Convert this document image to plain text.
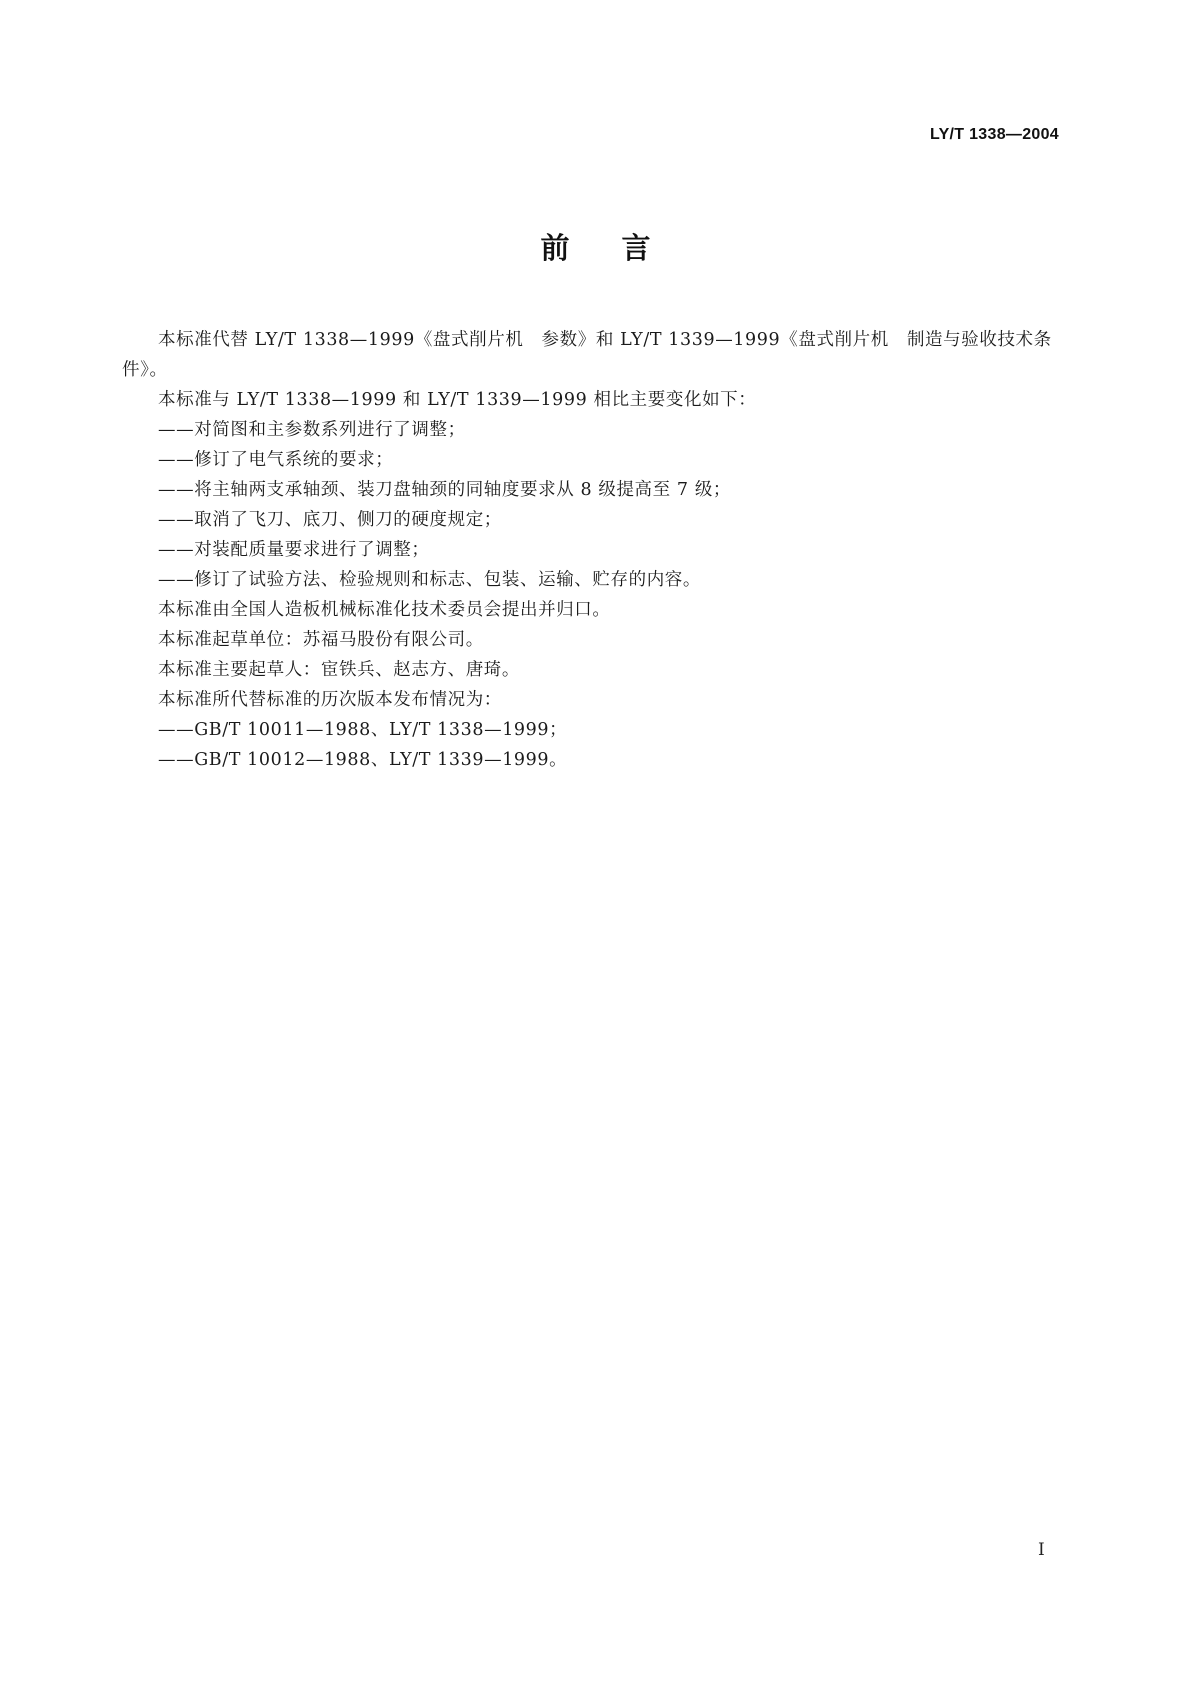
LY/T 1338—2004
前言

本标准代替 LY/T 1338—1999《盘式削片机　参数》和 LY/T 1339—1999《盘式削片机　制造与验收技术条件》。

本标准与 LY/T 1338—1999 和 LY/T 1339—1999 相比主要变化如下：

——对简图和主参数系列进行了调整；

——修订了电气系统的要求；

——将主轴两支承轴颈、装刀盘轴颈的同轴度要求从 8 级提高至 7 级；

——取消了飞刀、底刀、侧刀的硬度规定；

——对装配质量要求进行了调整；

——修订了试验方法、检验规则和标志、包装、运输、贮存的内容。

本标准由全国人造板机械标准化技术委员会提出并归口。

本标准起草单位：苏福马股份有限公司。

本标准主要起草人：宦铁兵、赵志方、唐琦。

本标准所代替标准的历次版本发布情况为：

——GB/T 10011—1988、LY/T 1338—1999；

——GB/T 10012—1988、LY/T 1339—1999。

I
